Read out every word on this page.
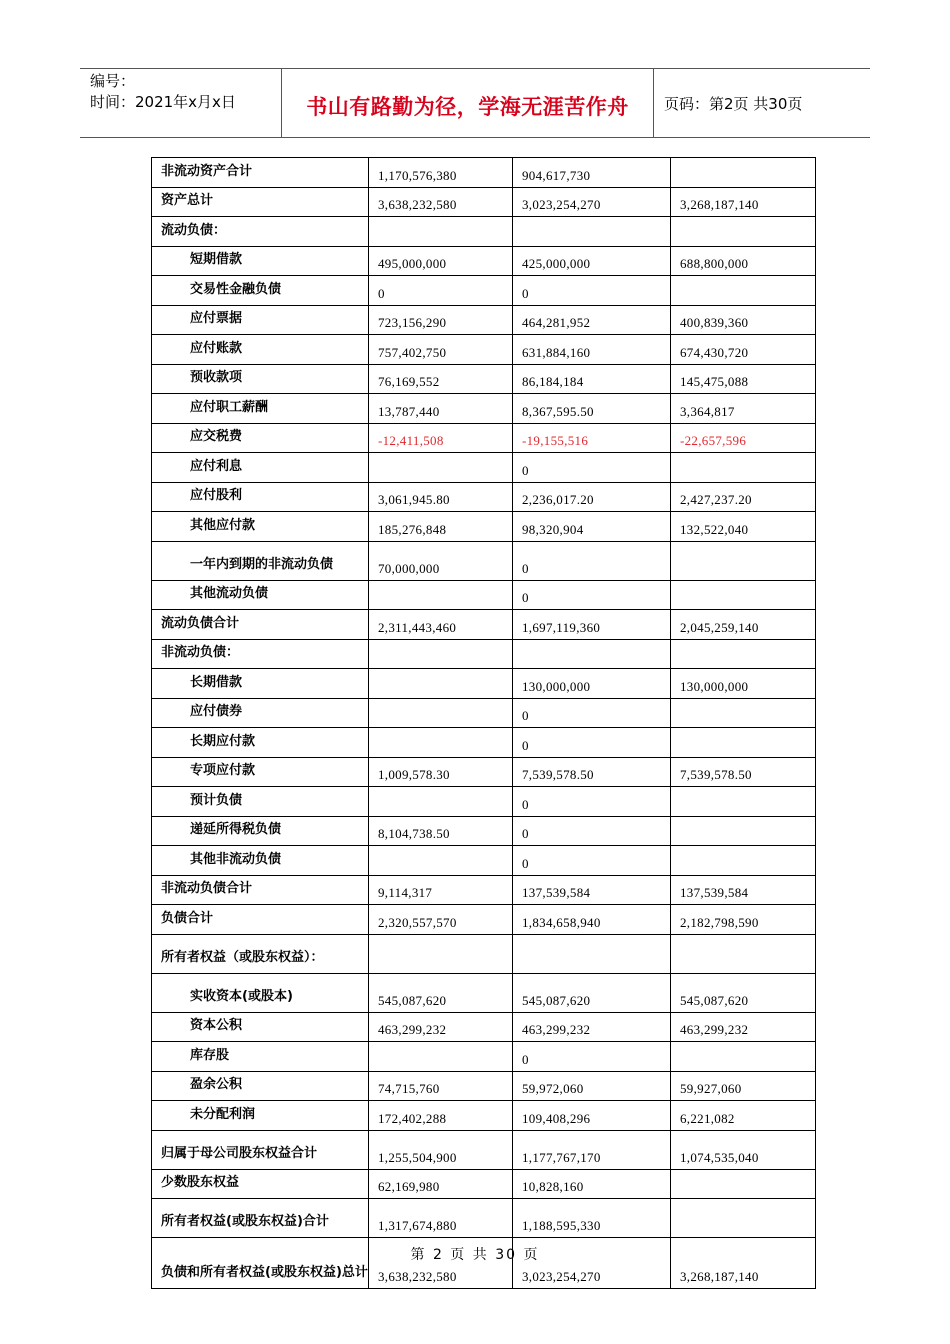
编号：
时间：2021年x月x日	书山有路勤为径，学海无涯苦作舟	页码：第2页 共30页
非流动资产合计	1,170,576,380	904,617,730	
资产总计	3,638,232,580	3,023,254,270	3,268,187,140
流动负债：			
短期借款	495,000,000	425,000,000	688,800,000
交易性金融负债	0	0	
应付票据	723,156,290	464,281,952	400,839,360
应付账款	757,402,750	631,884,160	674,430,720
预收款项	76,169,552	86,184,184	145,475,088
应付职工薪酬	13,787,440	8,367,595.50	3,364,817
应交税费	-12,411,508	-19,155,516	-22,657,596
应付利息		0	
应付股利	3,061,945.80	2,236,017.20	2,427,237.20
其他应付款	185,276,848	98,320,904	132,522,040
一年内到期的非流动负债	70,000,000	0	
其他流动负债		0	
流动负债合计	2,311,443,460	1,697,119,360	2,045,259,140
非流动负债：			
长期借款		130,000,000	130,000,000
应付债券		0	
长期应付款		0	
专项应付款	1,009,578.30	7,539,578.50	7,539,578.50
预计负债		0	
递延所得税负债	8,104,738.50	0	
其他非流动负债		0	
非流动负债合计	9,114,317	137,539,584	137,539,584
负债合计	2,320,557,570	1,834,658,940	2,182,798,590
所有者权益（或股东权益）：			
实收资本(或股本)	545,087,620	545,087,620	545,087,620
资本公积	463,299,232	463,299,232	463,299,232
库存股		0	
盈余公积	74,715,760	59,972,060	59,927,060
未分配利润	172,402,288	109,408,296	6,221,082
归属于母公司股东权益合计	1,255,504,900	1,177,767,170	1,074,535,040
少数股东权益	62,169,980	10,828,160	
所有者权益(或股东权益)合计	1,317,674,880	1,188,595,330	
负债和所有者权益(或股东权益)总计	3,638,232,580	3,023,254,270	3,268,187,140
第 2 页 共 30 页
